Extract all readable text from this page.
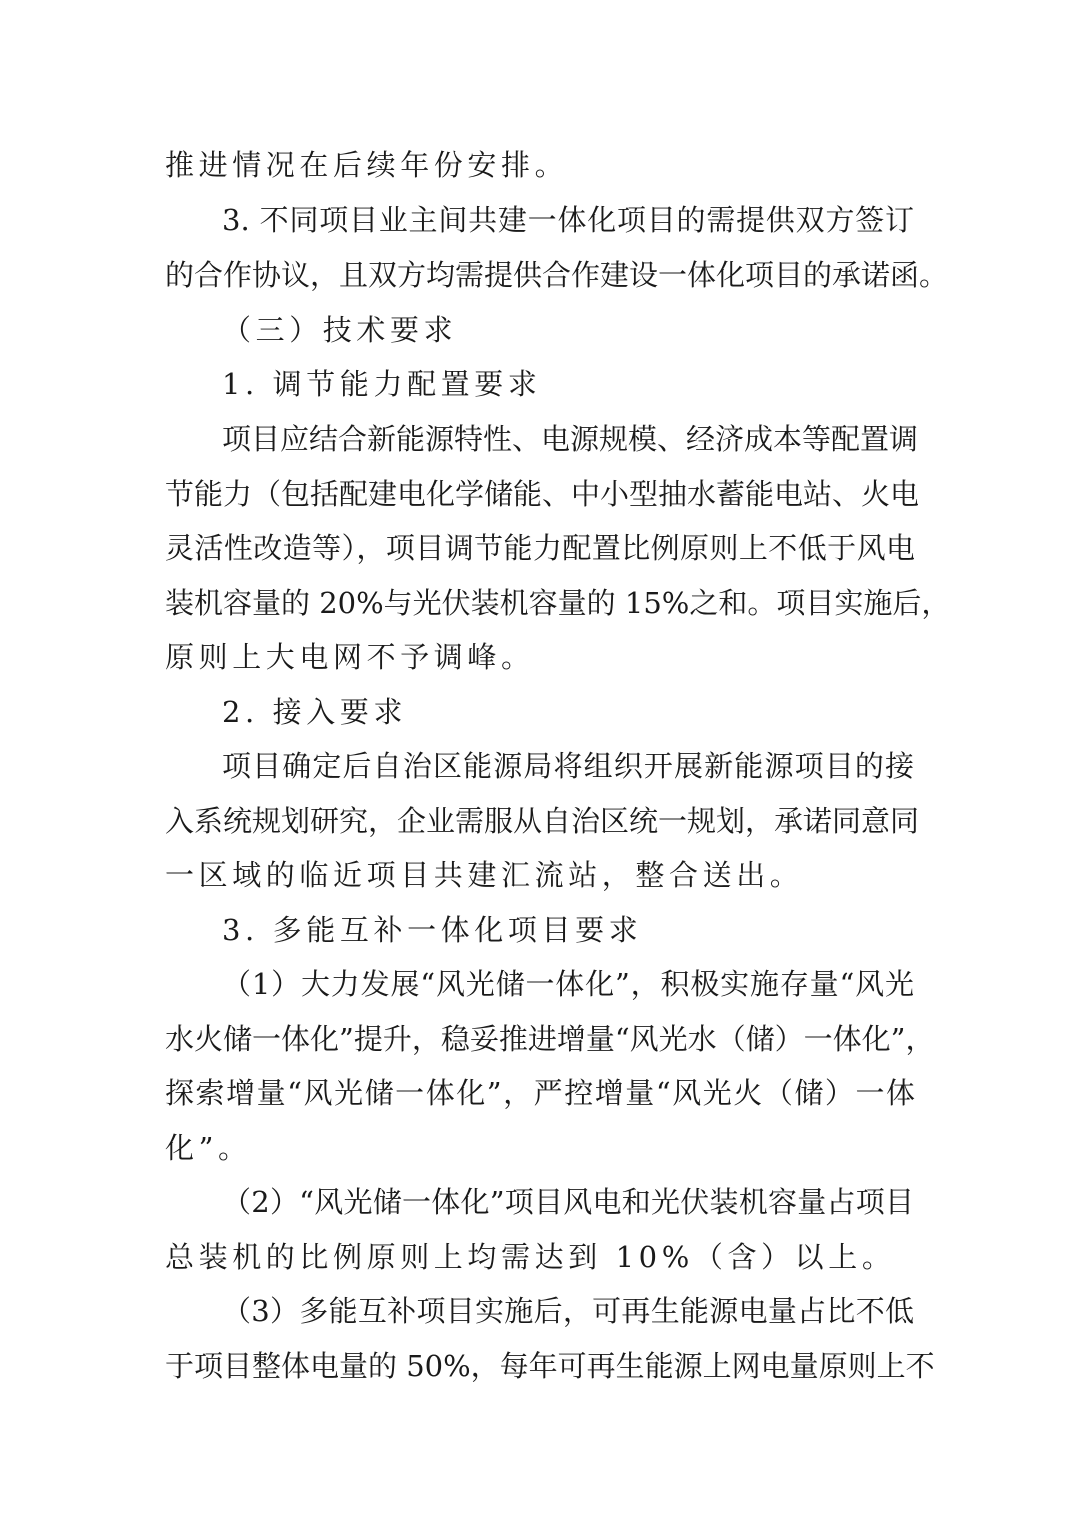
推进情况在后续年份安排。
3. 不同项目业主间共建一体化项目的需提供双方签订
的合作协议，且双方均需提供合作建设一体化项目的承诺函。
（三）技术要求
1. 调节能力配置要求
项目应结合新能源特性、电源规模、经济成本等配置调
节能力（包括配建电化学储能、中小型抽水蓄能电站、火电
灵活性改造等），项目调节能力配置比例原则上不低于风电
装机容量的 20%与光伏装机容量的 15%之和。项目实施后，
原则上大电网不予调峰。
2. 接入要求
项目确定后自治区能源局将组织开展新能源项目的接
入系统规划研究，企业需服从自治区统一规划，承诺同意同
一区域的临近项目共建汇流站，整合送出。
3. 多能互补一体化项目要求
（1）大力发展“风光储一体化”，积极实施存量“风光
水火储一体化”提升，稳妥推进增量“风光水（储）一体化”，
探索增量“风光储一体化”，严控增量“风光火（储）一体
化”。
（2）“风光储一体化”项目风电和光伏装机容量占项目
总装机的比例原则上均需达到 10%（含）以上。
（3）多能互补项目实施后，可再生能源电量占比不低
于项目整体电量的 50%，每年可再生能源上网电量原则上不
